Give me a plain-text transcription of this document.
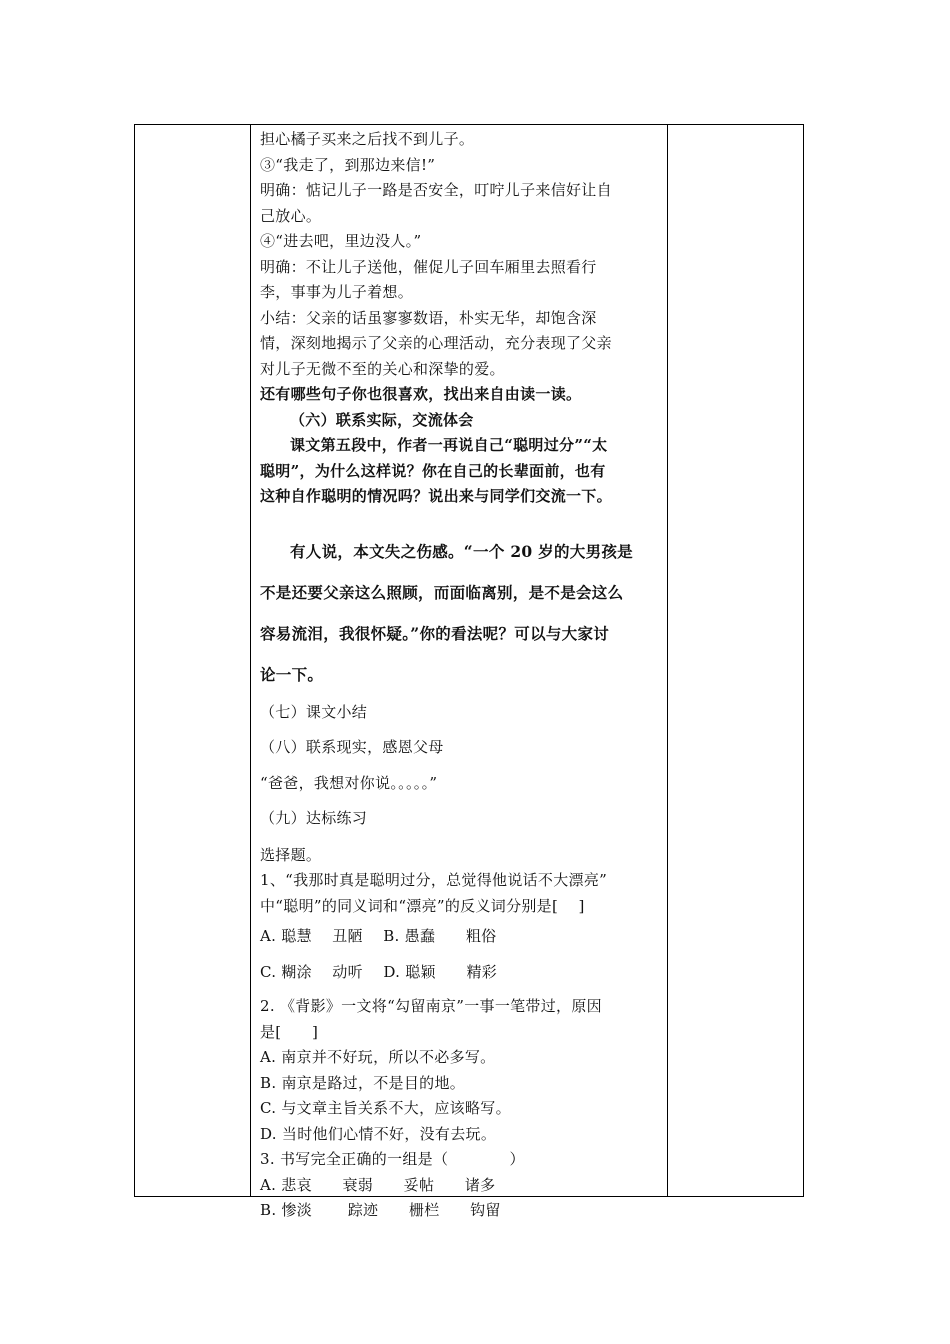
担心橘子买来之后找不到儿子。
③“我走了，到那边来信!”
明确：惦记儿子一路是否安全，叮咛儿子来信好让自
己放心。
④“进去吧，里边没人。”
明确：不让儿子送他，催促儿子回车厢里去照看行
李，事事为儿子着想。
小结：父亲的话虽寥寥数语，朴实无华，却饱含深
情，深刻地揭示了父亲的心理活动，充分表现了父亲
对儿子无微不至的关心和深挚的爱。
还有哪些句子你也很喜欢，找出来自由读一读。
（六）联系实际，交流体会
课文第五段中，作者一再说自己“聪明过分”“太
聪明”，为什么这样说？你在自己的长辈面前，也有
这种自作聪明的情况吗？说出来与同学们交流一下。
有人说，本文失之伤感。“一个 20 岁的大男孩是
不是还要父亲这么照顾，而面临离别，是不是会这么
容易流泪，我很怀疑。”你的看法呢？可以与大家讨
论一下。
（七）课文小结
（八）联系现实，感恩父母
“爸爸，我想对你说。。。。。”
（九）达标练习
选择题。
1、“我那时真是聪明过分，总觉得他说话不大漂亮”
中“聪明”的同义词和“漂亮”的反义词分别是[　 ]
A. 聪慧　 丑陋　 B. 愚蠢　　粗俗
C. 糊涂　 动听　 D. 聪颖　　精彩
2. 《背影》一文将“勾留南京”一事一笔带过，原因
是[　　]
A. 南京并不好玩，所以不必多写。
B. 南京是路过，不是目的地。
C. 与文章主旨关系不大，应该略写。
D. 当时他们心情不好，没有去玩。
3. 书写完全正确的一组是（　　　　）
A. 悲哀　　衰弱　　妥帖　　诸多
B. 惨淡　　 踪迹　　栅栏　　钩留
